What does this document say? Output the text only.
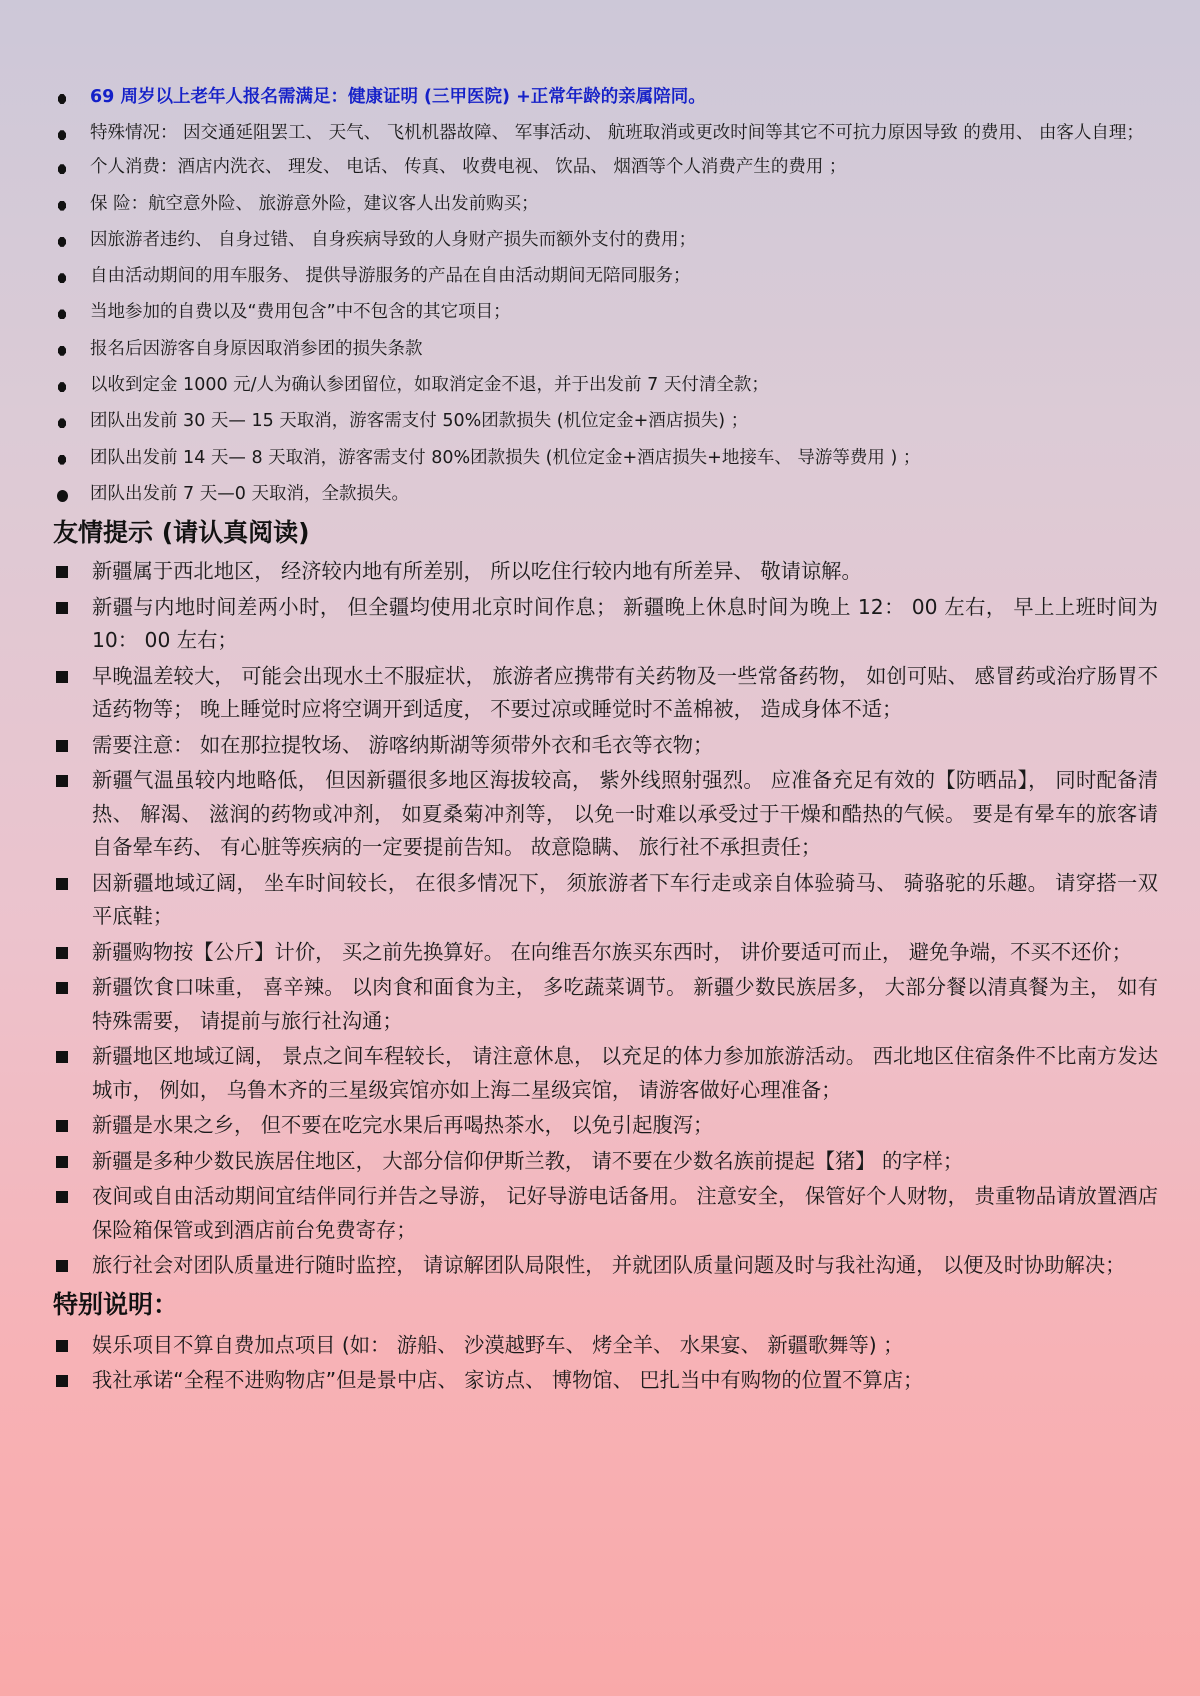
69 周岁以上老年人报名需满足：健康证明 (三甲医院) +正常年龄的亲属陪同。
特殊情况： 因交通延阻罢工、 天气、 飞机机器故障、 军事活动、 航班取消或更改时间等其它不可抗力原因导致 的费用、 由客人自理；
个人消费：酒店内洗衣、 理发、 电话、 传真、 收费电视、 饮品、 烟酒等个人消费产生的费用 ；
保 险：航空意外险、 旅游意外险，建议客人出发前购买；
因旅游者违约、 自身过错、 自身疾病导致的人身财产损失而额外支付的费用；
自由活动期间的用车服务、 提供导游服务的产品在自由活动期间无陪同服务；
当地参加的自费以及“费用包含”中不包含的其它项目；
报名后因游客自身原因取消参团的损失条款
以收到定金 1000 元/人为确认参团留位，如取消定金不退，并于出发前 7 天付清全款；
团队出发前 30 天— 15 天取消，游客需支付 50%团款损失 (机位定金+酒店损失) ；
团队出发前 14 天— 8 天取消，游客需支付 80%团款损失 (机位定金+酒店损失+地接车、 导游等费用 ) ；
团队出发前 7 天—0 天取消，全款损失。
友情提示 (请认真阅读)
新疆属于西北地区， 经济较内地有所差别， 所以吃住行较内地有所差异、 敬请谅解。
新疆与内地时间差两小时， 但全疆均使用北京时间作息； 新疆晚上休息时间为晚上 12： 00 左右， 早上上班时间为 10： 00 左右；
早晚温差较大， 可能会出现水土不服症状， 旅游者应携带有关药物及一些常备药物， 如创可贴、 感冒药或治疗肠胃不适药物等； 晚上睡觉时应将空调开到适度， 不要过凉或睡觉时不盖棉被， 造成身体不适；
需要注意： 如在那拉提牧场、 游喀纳斯湖等须带外衣和毛衣等衣物；
新疆气温虽较内地略低， 但因新疆很多地区海拔较高， 紫外线照射强烈。 应准备充足有效的【防晒品】， 同时配备清热、 解渴、 滋润的药物或冲剂， 如夏桑菊冲剂等， 以免一时难以承受过于干燥和酷热的气候。 要是有晕车的旅客请自备晕车药、 有心脏等疾病的一定要提前告知。 故意隐瞒、 旅行社不承担责任；
因新疆地域辽阔， 坐车时间较长， 在很多情况下， 须旅游者下车行走或亲自体验骑马、 骑骆驼的乐趣。 请穿搭一双平底鞋；
新疆购物按【公斤】计价， 买之前先换算好。 在向维吾尔族买东西时， 讲价要适可而止， 避免争端，不买不还价；
新疆饮食口味重， 喜辛辣。 以肉食和面食为主， 多吃蔬菜调节。 新疆少数民族居多， 大部分餐以清真餐为主， 如有特殊需要， 请提前与旅行社沟通；
新疆地区地域辽阔， 景点之间车程较长， 请注意休息， 以充足的体力参加旅游活动。 西北地区住宿条件不比南方发达城市， 例如， 乌鲁木齐的三星级宾馆亦如上海二星级宾馆， 请游客做好心理准备；
新疆是水果之乡， 但不要在吃完水果后再喝热茶水， 以免引起腹泻；
新疆是多种少数民族居住地区， 大部分信仰伊斯兰教， 请不要在少数名族前提起【猪】 的字样；
夜间或自由活动期间宜结伴同行并告之导游， 记好导游电话备用。 注意安全， 保管好个人财物， 贵重物品请放置酒店保险箱保管或到酒店前台免费寄存；
旅行社会对团队质量进行随时监控， 请谅解团队局限性， 并就团队质量问题及时与我社沟通， 以便及时协助解决；
特别说明：
娱乐项目不算自费加点项目 (如： 游船、 沙漠越野车、 烤全羊、 水果宴、 新疆歌舞等) ；
我社承诺“全程不进购物店”但是景中店、 家访点、 博物馆、 巴扎当中有购物的位置不算店；
